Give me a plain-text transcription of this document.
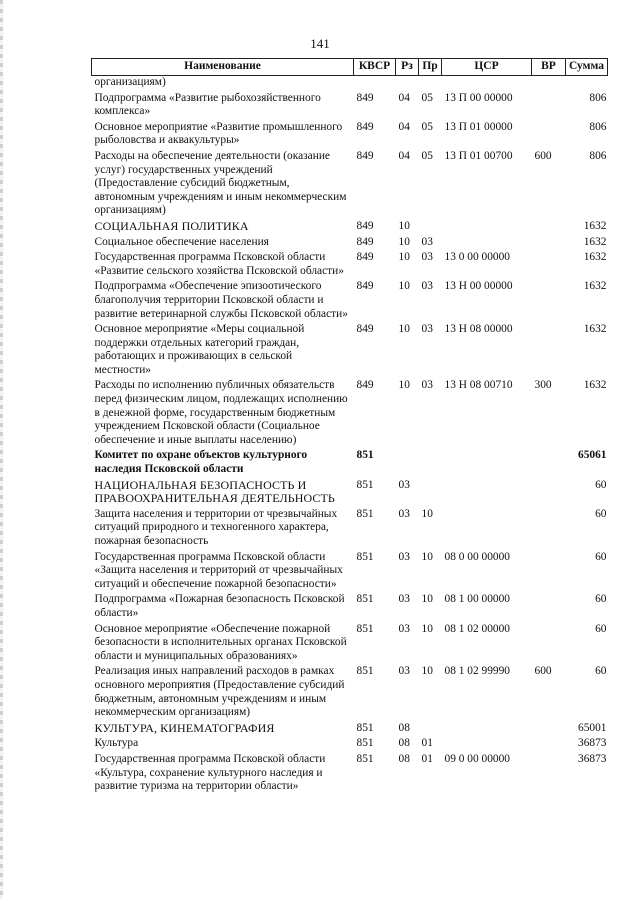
141
Наименование	КВСР	Рз	Пр	ЦСР	ВР	Сумма
организациям)						
Подпрограмма «Развитие рыбохозяйственного комплекса»	849	04	05	13 П 00 00000		806
Основное мероприятие «Развитие промышленного рыболовства и аквакультуры»	849	04	05	13 П 01 00000		806
Расходы на обеспечение деятельности (оказание услуг) государственных учреждений (Предоставление субсидий бюджетным, автономным учреждениям и иным некоммерческим организациям)	849	04	05	13 П 01 00700	600	806
СОЦИАЛЬНАЯ ПОЛИТИКА	849	10				1632
Социальное обеспечение населения	849	10	03			1632
Государственная программа Псковской области «Развитие сельского хозяйства Псковской области»	849	10	03	13 0 00 00000		1632
Подпрограмма «Обеспечение эпизоотического благополучия территории Псковской области и развитие ветеринарной службы Псковской области»	849	10	03	13 Н 00 00000		1632
Основное мероприятие «Меры социальной поддержки отдельных категорий граждан, работающих и проживающих в сельской местности»	849	10	03	13 Н 08 00000		1632
Расходы по исполнению публичных обязательств перед физическим лицом, подлежащих исполнению в денежной форме, государственным бюджетным учреждением Псковской области (Социальное обеспечение и иные выплаты населению)	849	10	03	13 Н 08 00710	300	1632
Комитет по охране объектов культурного наследия Псковской области	851					65061
НАЦИОНАЛЬНАЯ БЕЗОПАСНОСТЬ И ПРАВООХРАНИТЕЛЬНАЯ ДЕЯТЕЛЬНОСТЬ	851	03				60
Защита населения и территории от чрезвычайных ситуаций природного и техногенного характера, пожарная безопасность	851	03	10			60
Государственная программа Псковской области «Защита населения и территорий от чрезвычайных ситуаций и обеспечение пожарной безопасности»	851	03	10	08 0 00 00000		60
Подпрограмма «Пожарная безопасность Псковской области»	851	03	10	08 1 00 00000		60
Основное мероприятие «Обеспечение пожарной безопасности в исполнительных органах Псковской области и муниципальных образованиях»	851	03	10	08 1 02 00000		60
Реализация иных направлений расходов в рамках основного мероприятия (Предоставление субсидий бюджетным, автономным учреждениям и иным некоммерческим организациям)	851	03	10	08 1 02 99990	600	60
КУЛЬТУРА, КИНЕМАТОГРАФИЯ	851	08				65001
Культура	851	08	01			36873
Государственная программа Псковской области «Культура, сохранение культурного наследия и развитие туризма на территории области»	851	08	01	09 0 00 00000		36873
